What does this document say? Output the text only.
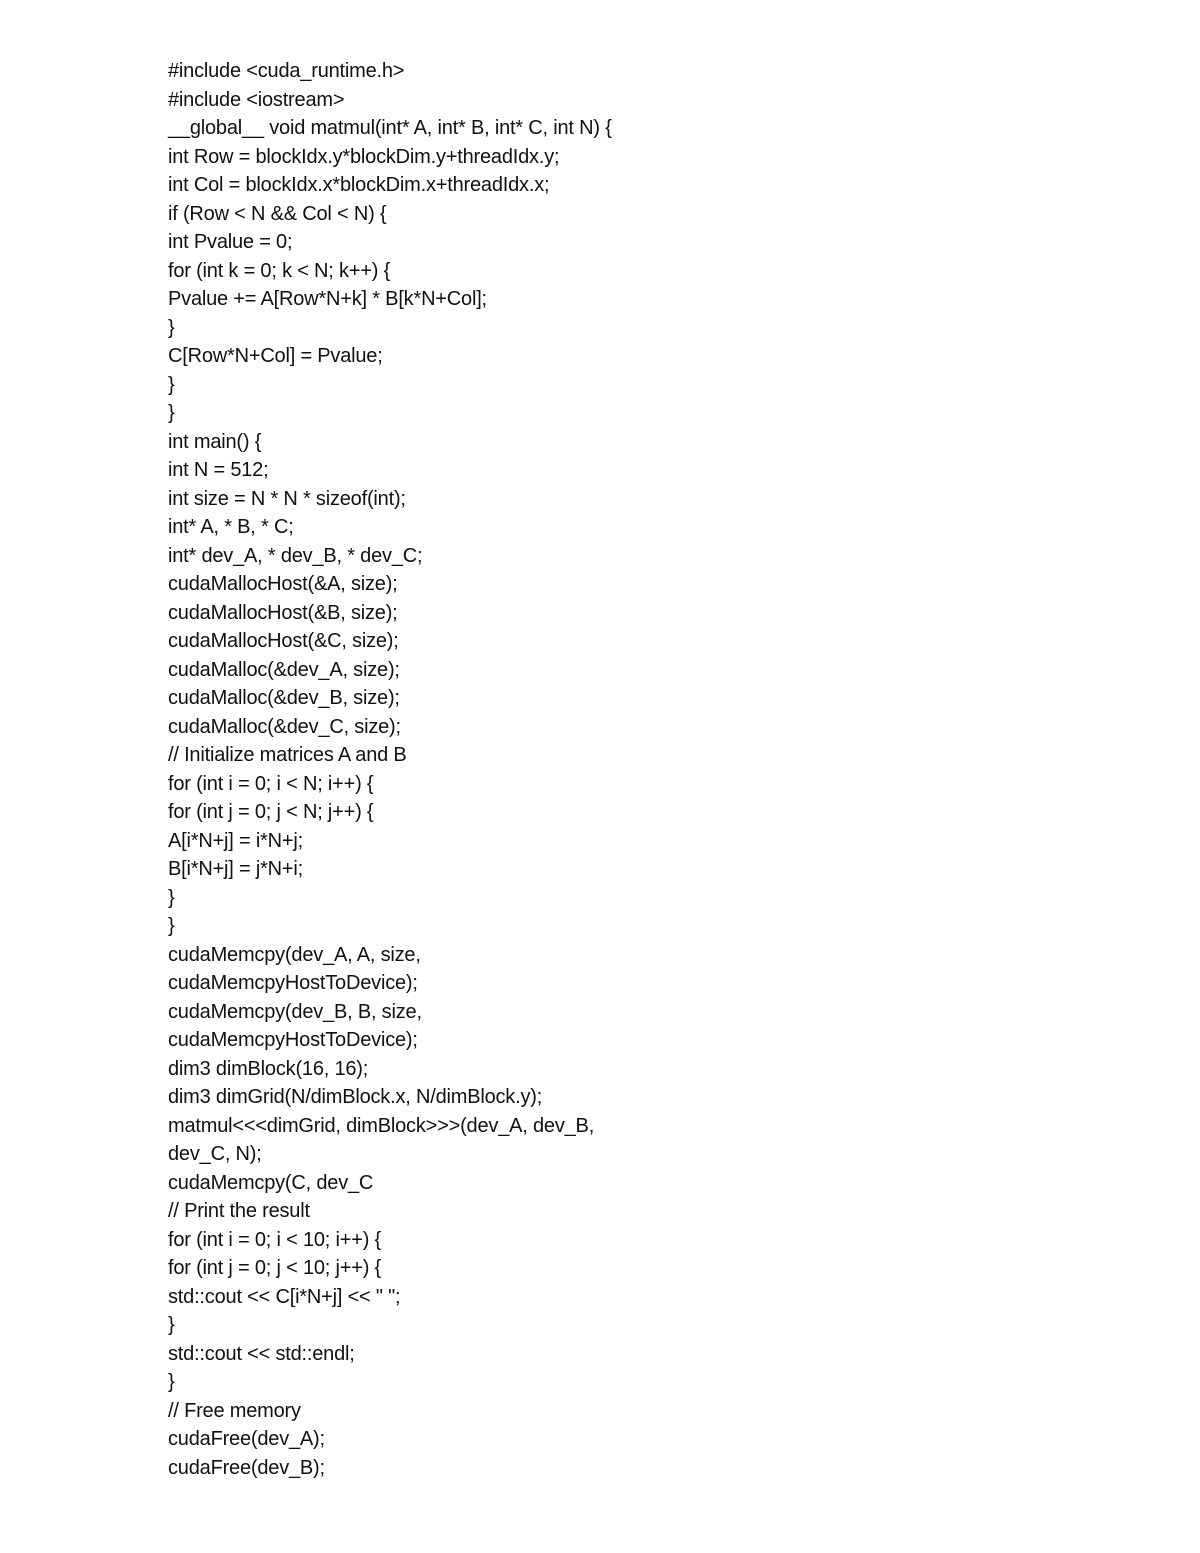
#include <cuda_runtime.h>
#include <iostream>
__global__ void matmul(int* A, int* B, int* C, int N) {
int Row = blockIdx.y*blockDim.y+threadIdx.y;
int Col = blockIdx.x*blockDim.x+threadIdx.x;
if (Row < N && Col < N) {
int Pvalue = 0;
for (int k = 0; k < N; k++) {
Pvalue += A[Row*N+k] * B[k*N+Col];
}
C[Row*N+Col] = Pvalue;
}
}
int main() {
int N = 512;
int size = N * N * sizeof(int);
int* A, * B, * C;
int* dev_A, * dev_B, * dev_C;
cudaMallocHost(&A, size);
cudaMallocHost(&B, size);
cudaMallocHost(&C, size);
cudaMalloc(&dev_A, size);
cudaMalloc(&dev_B, size);
cudaMalloc(&dev_C, size);
// Initialize matrices A and B
for (int i = 0; i < N; i++) {
for (int j = 0; j < N; j++) {
A[i*N+j] = i*N+j;
B[i*N+j] = j*N+i;
}
}
cudaMemcpy(dev_A, A, size,
cudaMemcpyHostToDevice);
cudaMemcpy(dev_B, B, size,
cudaMemcpyHostToDevice);
dim3 dimBlock(16, 16);
dim3 dimGrid(N/dimBlock.x, N/dimBlock.y);
matmul<<<dimGrid, dimBlock>>>(dev_A, dev_B,
dev_C, N);
cudaMemcpy(C, dev_C
// Print the result
for (int i = 0; i < 10; i++) {
for (int j = 0; j < 10; j++) {
std::cout << C[i*N+j] << " ";
}
std::cout << std::endl;
}
// Free memory
cudaFree(dev_A);
cudaFree(dev_B);
